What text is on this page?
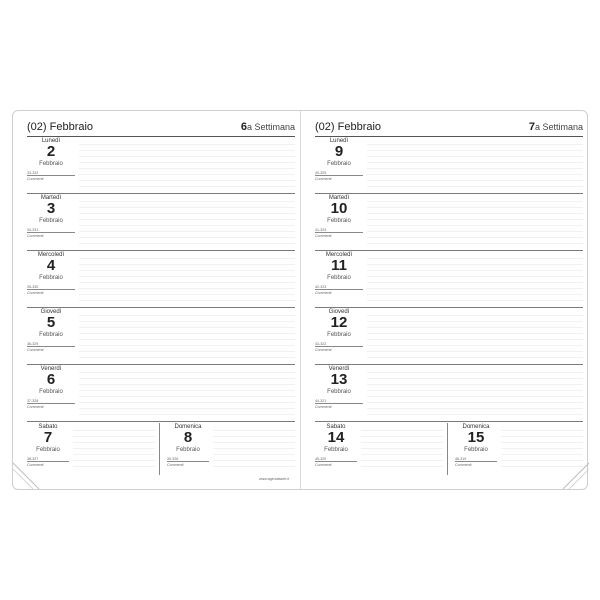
(02) Febbraio	6a Settimana
Lunedì
2
Febbraio
33-332
Commenti
Martedì
3
Febbraio
34-331
Commenti
Mercoledì
4
Febbraio
35-330
Commenti
Giovedì
5
Febbraio
36-329
Commenti
Venerdì
6
Febbraio
37-328
Commenti
Sabato
7
Febbraio
38-327
Commenti
Domenica
8
Febbraio
39-326
Commenti
www.agendaweb.it
(02) Febbraio	7a Settimana
Lunedì
9
Febbraio
40-325
Commenti
Martedì
10
Febbraio
41-324
Commenti
Mercoledì
11
Febbraio
42-323
Commenti
Giovedì
12
Febbraio
43-322
Commenti
Venerdì
13
Febbraio
44-321
Commenti
Sabato
14
Febbraio
45-320
Commenti
Domenica
15
Febbraio
46-319
Commenti
